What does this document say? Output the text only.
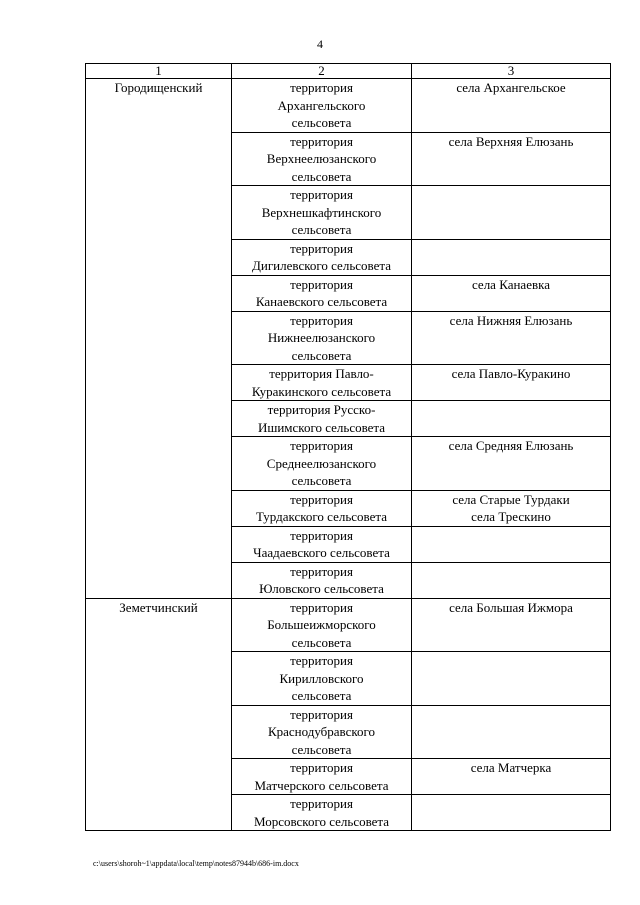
4
1	2	3
Городищенский	территория
Архангельского
сельсовета	села Архангельское

	территория
Верхнеелюзанского
сельсовета	села Верхняя Елюзань

	территория
Верхнешкафтинского
сельсовета	

	территория
Дигилевского сельсовета	

	территория
Канаевского сельсовета	села Канаевка

	территория
Нижнеелюзанского
сельсовета	села Нижняя Елюзань

	территория Павло-
Куракинского сельсовета	села Павло-Куракино

	территория Русско-
Ишимского сельсовета	

	территория
Среднеелюзанского
сельсовета	села Средняя Елюзань

	территория
Турдакского сельсовета	села Старые Турдаки
села Трескино

	территория
Чаадаевского сельсовета	

	территория
Юловского сельсовета	

Земетчинский	территория
Большеижморского
сельсовета	села Большая Ижмора

	территория
Кирилловского
сельсовета	

	территория
Краснодубравского
сельсовета	

	территория
Матчерского сельсовета	села Матчерка

	территория
Морсовского сельсовета	

c:\users\shoroh~1\appdata\local\temp\notes87944b\686-im.docx
